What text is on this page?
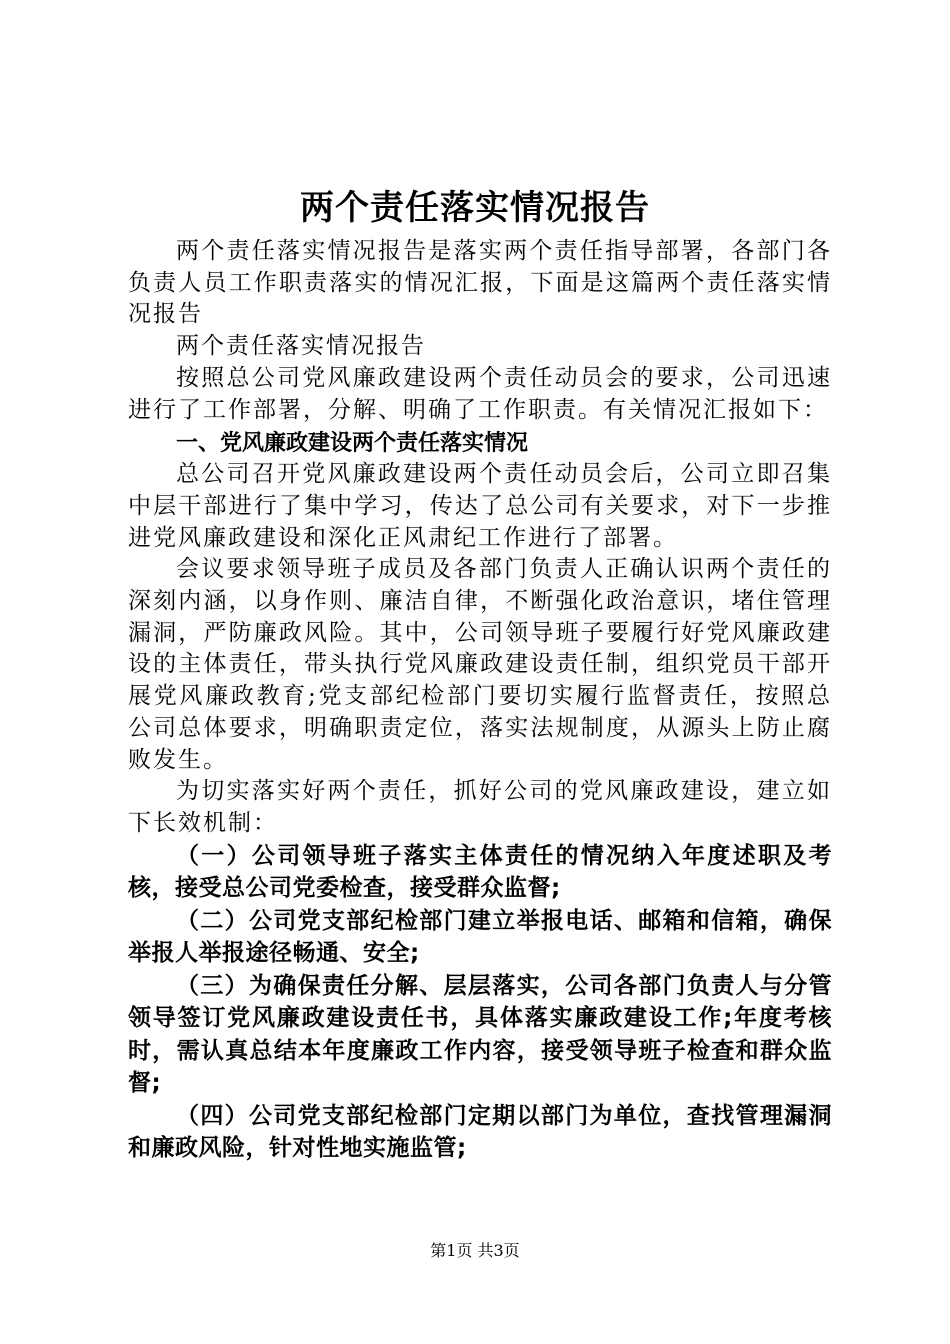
两个责任落实情况报告

两个责任落实情况报告是落实两个责任指导部署，各部门各负责人员工作职责落实的情况汇报，下面是这篇两个责任落实情况报告

两个责任落实情况报告

按照总公司党风廉政建设两个责任动员会的要求，公司迅速进行了工作部署，分解、明确了工作职责。有关情况汇报如下：

一、党风廉政建设两个责任落实情况

总公司召开党风廉政建设两个责任动员会后，公司立即召集中层干部进行了集中学习，传达了总公司有关要求，对下一步推进党风廉政建设和深化正风肃纪工作进行了部署。

会议要求领导班子成员及各部门负责人正确认识两个责任的深刻内涵，以身作则、廉洁自律，不断强化政治意识，堵住管理漏洞，严防廉政风险。其中，公司领导班子要履行好党风廉政建设的主体责任，带头执行党风廉政建设责任制，组织党员干部开展党风廉政教育;党支部纪检部门要切实履行监督责任，按照总公司总体要求，明确职责定位，落实法规制度，从源头上防止腐败发生。

为切实落实好两个责任，抓好公司的党风廉政建设，建立如下长效机制：

（一）公司领导班子落实主体责任的情况纳入年度述职及考核，接受总公司党委检查，接受群众监督;

（二）公司党支部纪检部门建立举报电话、邮箱和信箱，确保举报人举报途径畅通、安全;

（三）为确保责任分解、层层落实，公司各部门负责人与分管领导签订党风廉政建设责任书，具体落实廉政建设工作;年度考核时，需认真总结本年度廉政工作内容，接受领导班子检查和群众监督;

（四）公司党支部纪检部门定期以部门为单位，查找管理漏洞和廉政风险，针对性地实施监管;

第1页 共3页
